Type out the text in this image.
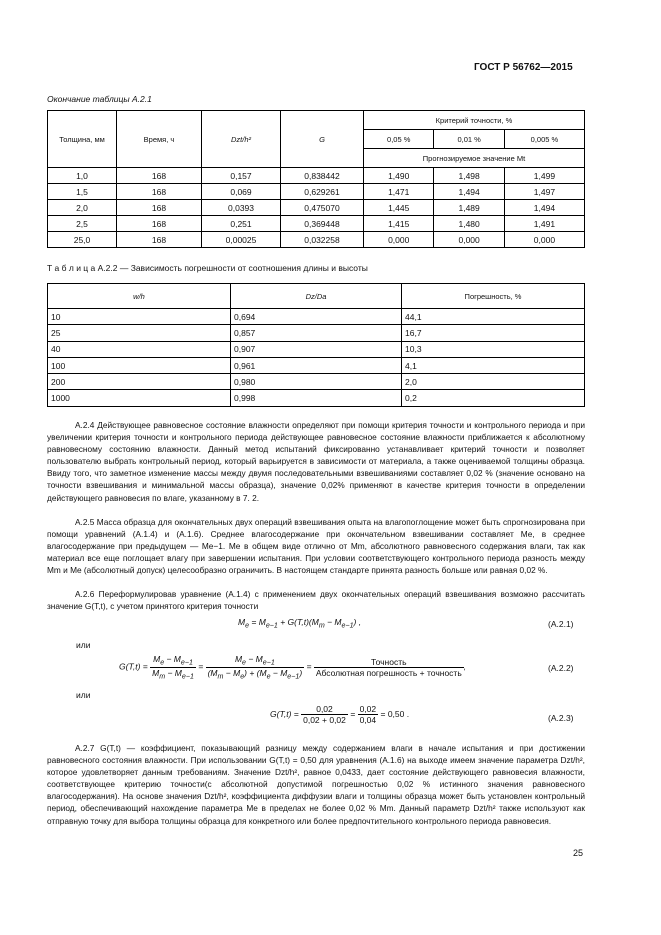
ГОСТ Р 56762—2015
Окончание таблицы А.2.1
Толщина, мм	Время, ч	Dzt/h²	G	Критерий точности, %		
				0,05 %	0,01 %	0,005 %
				Прогнозируемое значение Mt		
1,0	168	0,157	0,838442	1,490	1,498	1,499
1,5	168	0,069	0,629261	1,471	1,494	1,497
2,0	168	0,0393	0,475070	1,445	1,489	1,494
2,5	168	0,251	0,369448	1,415	1,480	1,491
25,0	168	0,00025	0,032258	0,000	0,000	0,000
Т а б л и ц а А.2.2 — Зависимость погрешности от соотношения длины и высоты
w/h	Dz/Da	Погрешность, %
10	0,694	44,1
25	0,857	16,7
40	0,907	10,3
100	0,961	4,1
200	0,980	2,0
1000	0,998	0,2

А.2.4 Действующее равновесное состояние влажности определяют при помощи критерия точности и контрольного периода и при увеличении критерия точности и контрольного периода действующее равновесное состояние влажности приближается к абсолютному равновесному состоянию влажности. Данный метод испытаний фиксированно устанавливает критерий точности и позволяет пользователю выбрать контрольный период, который варьируется в зависимости от материала, а также оцениваемой толщины образца. Ввиду того, что заметное изменение массы между двумя последовательными взвешиваниями составляет 0,02 % (значение основано на точности взвешивания и минимальной массы образца), значение 0,02% применяют в качестве критерия точности в определении действующего равновесия по влаге, указанному в 7. 2.

А.2.5 Масса образца для окончательных двух операций взвешивания опыта на влагопоглощение может быть спрогнозирована при помощи уравнений (А.1.4) и (А.1.6). Среднее влагосодержание при окончательном взвешивании составляет Me, в среднее влагосодержание при предыдущем — Me−1. Me в общем виде отлично от Mm, абсолютного равновесного содержания влаги, так как материал все еще поглощает влагу при завершении испытания. При условии соответствующего контрольного периода разность между Mm и Me (абсолютный допуск) целесообразно ограничить. В настоящем стандарте принята разность больше или равная 0,02 %.

А.2.6 Переформулировав уравнение (А.1.4) с применением двух окончательных операций взвешивания возможно рассчитать значение G(T,t), с учетом принятого критерия точности

$M_e = M_{e-1} + G(T,t)(M_m - M_{e-1})$ ,	(А.2.1)
или
$G(T,t) = \frac{M_e - M_{e-1}}{M_m - M_{e-1}} = \frac{M_e - M_{e-1}}{(M_m - M_e) + (M_e - M_{e-1})} = \frac{\text{Точность}}{\text{Абсолютная погрешность + точность}}$ ,	(А.2.2)
или
$G(T,t) = \frac{0,02}{0,02 + 0,02} = \frac{0,02}{0,04} = 0,50$ .	(А.2.3)

А.2.7 G(T,t) — коэффициент, показывающий разницу между содержанием влаги в начале испытания и при достижении равновесного состояния влажности. При использовании G(T,t) = 0,50 для уравнения (А.1.6) на выходе имеем значение параметра Dzt/h², которое удовлетворяет данным требованиям. Значение Dzt/h², равное 0,0433, дает состояние действующего равновесия влажности, соответствующее критерию точности(с абсолютной допустимой погрешностью 0,02 % истинного значения равновесного влагосодержания). На основе значения Dzt/h², коэффициента диффузии влаги и толщины образца может быть установлен контрольный период, обеспечивающий нахождение параметра Me в пределах не более 0,02 % Mm. Данный параметр Dzt/h² также используют как отправную точку для выбора толщины образца для конкретного или более предпочтительного контрольного периода равновесия.

25
